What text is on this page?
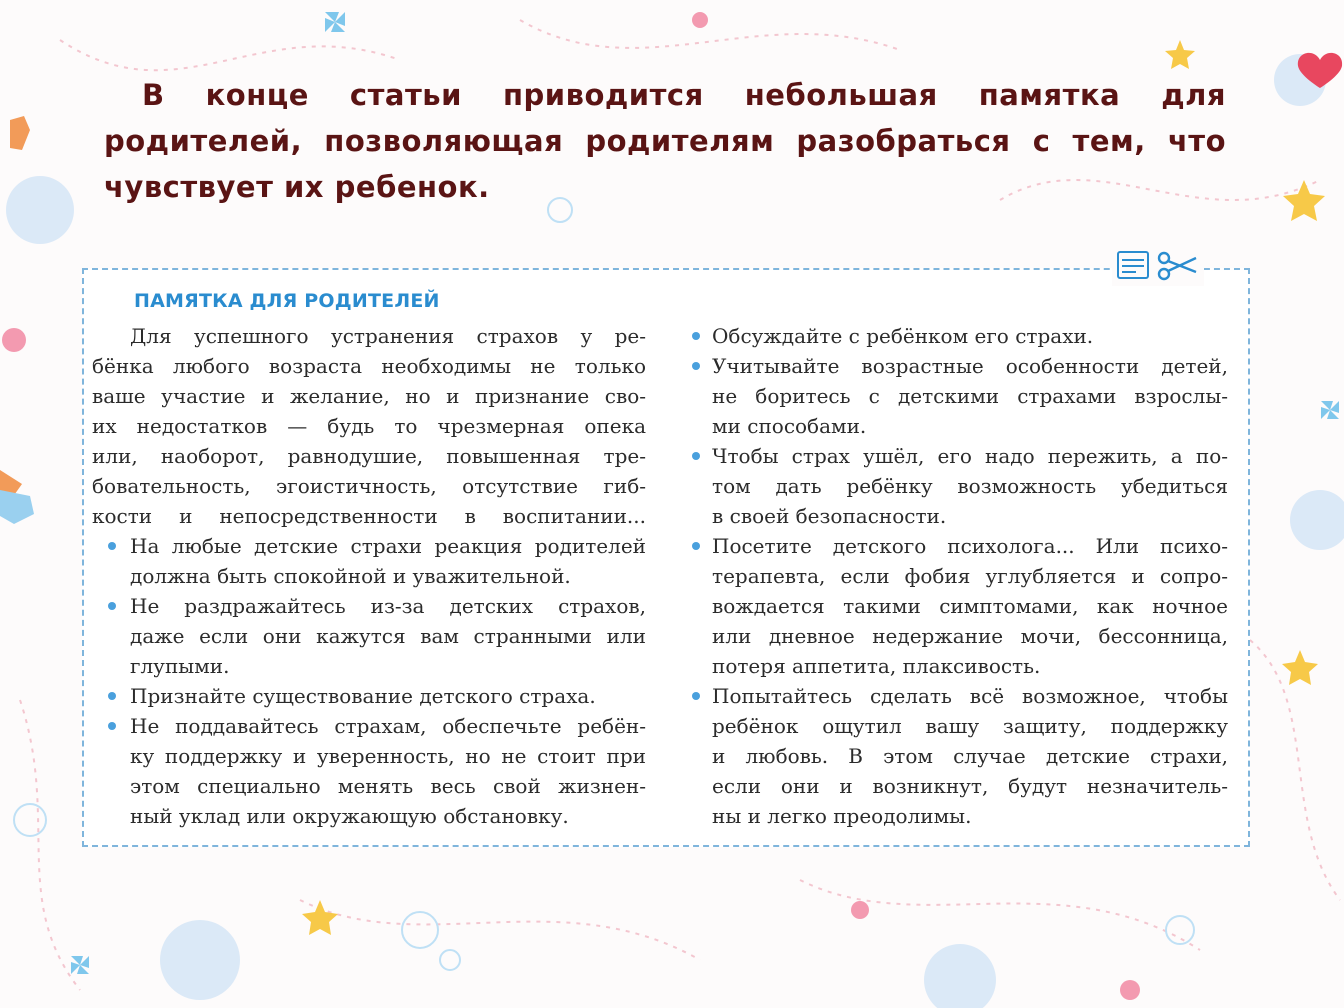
В конце статьи приводится небольшая памятка для родителей, позволяющая родителям разобраться с тем, что чувствует их ребенок.

ПАМЯТКА ДЛЯ РОДИТЕЛЕЙ
Для успешного устранения страхов у ре-
бёнка любого возраста необходимы не только
ваше участие и желание, но и признание сво-
их недостатков — будь то чрезмерная опека
или, наоборот, равнодушие, повышенная тре-
бовательность, эгоистичность, отсутствие гиб-
кости и непосредственности в воспитании...
На любые детские страхи реакция родителей
должна быть спокойной и уважительной.
Не раздражайтесь из-за детских страхов,
даже если они кажутся вам странными или
глупыми.
Признайте существование детского страха.
Не поддавайтесь страхам, обеспечьте ребён-
ку поддержку и уверенность, но не стоит при
этом специально менять весь свой жизнен-
ный уклад или окружающую обстановку.
Обсуждайте с ребёнком его страхи.
Учитывайте возрастные особенности детей,
не боритесь с детскими страхами взрослы-
ми способами.
Чтобы страх ушёл, его надо пережить, а по-
том дать ребёнку возможность убедиться
в своей безопасности.
Посетите детского психолога... Или психо-
терапевта, если фобия углубляется и сопро-
вождается такими симптомами, как ночное
или дневное недержание мочи, бессонница,
потеря аппетита, плаксивость.
Попытайтесь сделать всё возможное, чтобы
ребёнок ощутил вашу защиту, поддержку
и любовь. В этом случае детские страхи,
если они и возникнут, будут незначитель-
ны и легко преодолимы.
